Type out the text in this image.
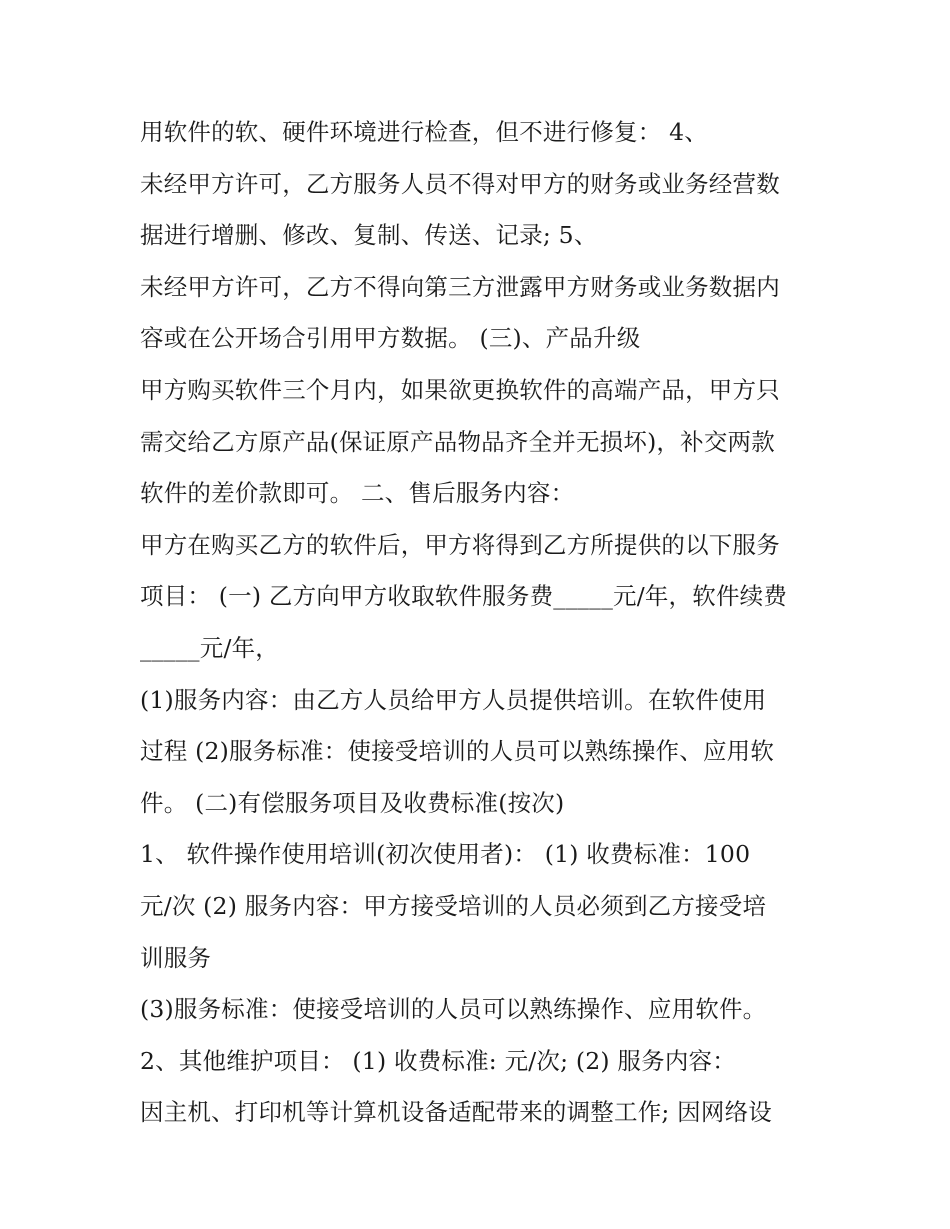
用软件的软、硬件环境进行检查，但不进行修复： 4、
未经甲方许可，乙方服务人员不得对甲方的财务或业务经营数
据进行增删、修改、复制、传送、记录; 5、
未经甲方许可，乙方不得向第三方泄露甲方财务或业务数据内
容或在公开场合引用甲方数据。 (三)、产品升级
甲方购买软件三个月内，如果欲更换软件的高端产品，甲方只
需交给乙方原产品(保证原产品物品齐全并无损坏)，补交两款
软件的差价款即可。 二、售后服务内容：
甲方在购买乙方的软件后，甲方将得到乙方所提供的以下服务
项目： (一) 乙方向甲方收取软件服务费_____元/年，软件续费
_____元/年，
(1)服务内容：由乙方人员给甲方人员提供培训。在软件使用
过程 (2)服务标准：使接受培训的人员可以熟练操作、应用软
件。 (二)有偿服务项目及收费标准(按次)
1、 软件操作使用培训(初次使用者)： (1) 收费标准：100
元/次 (2) 服务内容：甲方接受培训的人员必须到乙方接受培
训服务
(3)服务标准：使接受培训的人员可以熟练操作、应用软件。
2、其他维护项目： (1) 收费标准: 元/次; (2) 服务内容：
因主机、打印机等计算机设备适配带来的调整工作; 因网络设
